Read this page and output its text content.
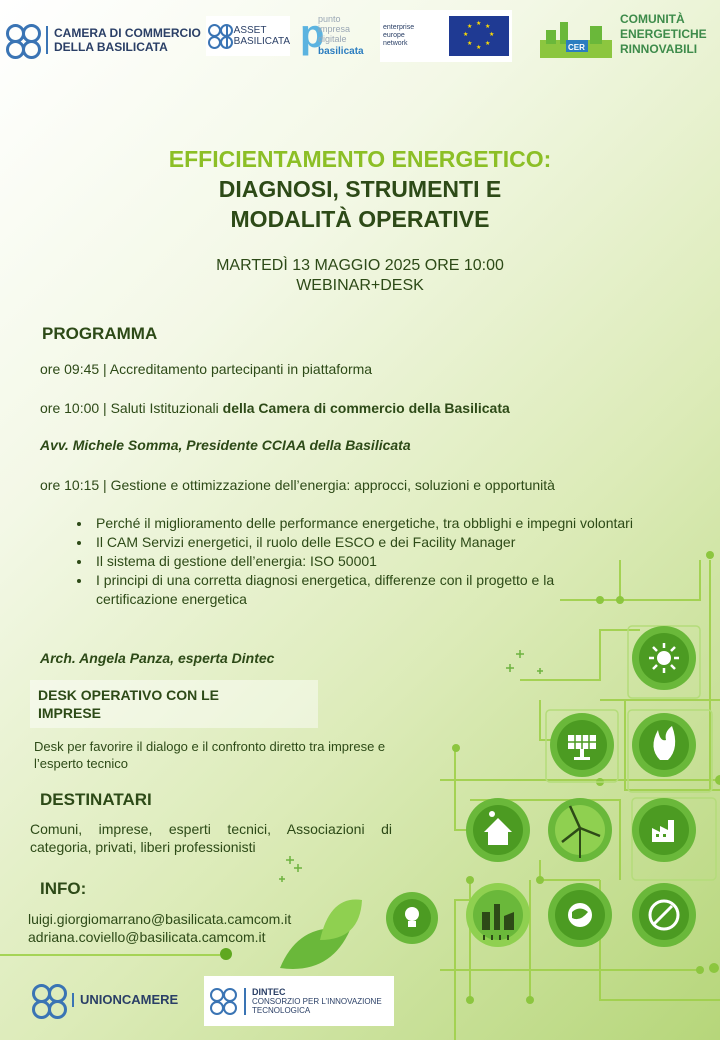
CAMERA DI COMMERCIO
DELLA BASILICATA
ASSET
BASILICATA p
punto
impresa
digitale
basilicata
enterprise
europe
network
★ ★
★
★
★
★
★
★
CER
COMUNITÀ
ENERGETICHE
RINNOVABILI
EFFICIENTAMENTO ENERGETICO:
DIAGNOSI, STRUMENTI E
MODALITÀ OPERATIVE
MARTEDÌ 13 MAGGIO 2025 ORE 10:00
WEBINAR+DESK
PROGRAMMA
ore 09:45 | Accreditamento partecipanti in piattaforma
ore 10:00 | Saluti Istituzionali della Camera di commercio della Basilicata
Avv. Michele Somma, Presidente CCIAA della Basilicata
ore 10:15 | Gestione e ottimizzazione dell’energia: approcci, soluzioni e opportunità
• Perché il miglioramento delle performance energetiche, tra obblighi e impegni volontari
• Il CAM Servizi energetici, il ruolo delle ESCO e dei Facility Manager
• Il sistema di gestione dell’energia: ISO 50001
• I principi di una corretta diagnosi energetica, differenze con il progetto e la certificazione energetica
Arch. Angela Panza, esperta Dintec
DESK OPERATIVO CON LE IMPRESE
Desk per favorire il dialogo e il confronto diretto tra imprese e l’esperto tecnico
DESTINATARI
Comuni, imprese, esperti tecnici, Associazioni di categoria, privati, liberi professionisti
INFO:
luigi.giorgiomarrano@basilicata.camcom.it
adriana.coviello@basilicata.camcom.it
UNIONCAMERE
DINTEC
CONSORZIO PER L’INNOVAZIONE
TECNOLOGICA
